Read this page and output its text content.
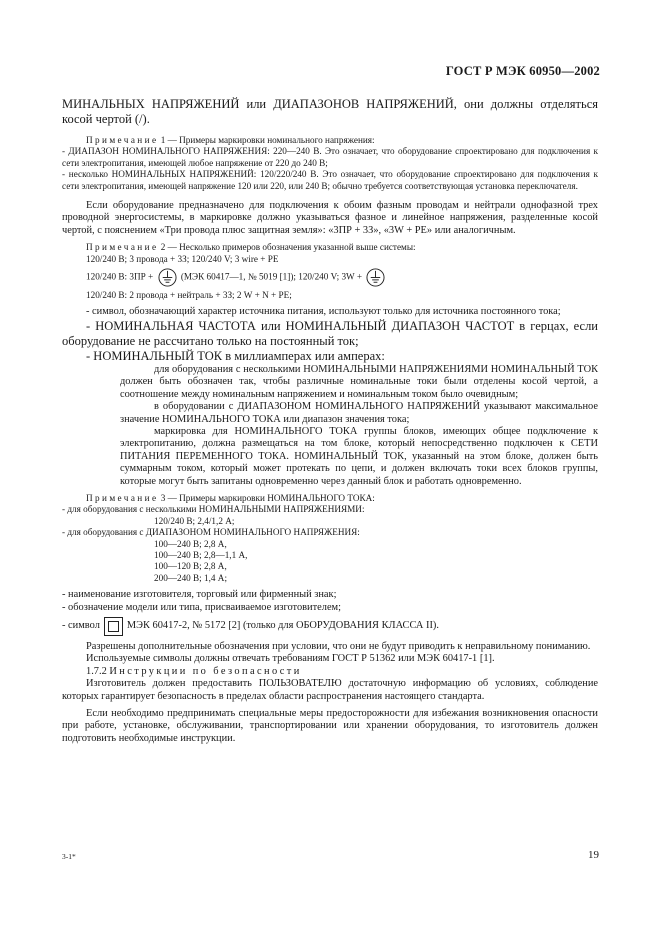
ГОСТ Р МЭК 60950—2002

МИНАЛЬНЫХ НАПРЯЖЕНИЙ или ДИАПАЗОНОВ НАПРЯЖЕНИЙ, они должны отделяться косой чертой (/).

Примечание 1 — Примеры маркировки номинального напряжения:

- ДИАПАЗОН НОМИНАЛЬНОГО НАПРЯЖЕНИЯ: 220—240 В. Это означает, что оборудование спроектировано для подключения к сети электропитания, имеющей любое напряжение от 220 до 240 В;

- несколько НОМИНАЛЬНЫХ НАПРЯЖЕНИЙ: 120/220/240 В. Это означает, что оборудование спроектировано для подключения к сети электропитания, имеющей напряжение 120 или 220, или 240 В; обычно требуется соответствующая установка переключателя.

Если оборудование предназначено для подключения к обоим фазным проводам и нейтрали однофазной трех проводной энергосистемы, в маркировке должно указываться фазное и линейное напряжения, разделенные косой чертой, с пояснением «Три провода плюс защитная земля»: «3ПР + 3З», «3W + PE» или аналогичным.

Примечание 2 — Несколько примеров обозначения указанной выше системы:

120/240 В; 3 провода + 3З; 120/240 V; 3 wire + PE

120/240 В: 3ПР +	(МЭК 60417—1, № 5019 [1]); 120/240 V; 3W +

120/240 В: 2 провода + нейтраль + 3З; 2 W + N + PE;

- символ, обозначающий характер источника питания, используют только для источника постоянного тока;

- НОМИНАЛЬНАЯ ЧАСТОТА или НОМИНАЛЬНЫЙ ДИАПАЗОН ЧАСТОТ в герцах, если оборудование не рассчитано только на постоянный ток;

- НОМИНАЛЬНЫЙ ТОК в миллиамперах или амперах:

для оборудования с несколькими НОМИНАЛЬНЫМИ НАПРЯЖЕНИЯМИ НОМИНАЛЬНЫЙ ТОК должен быть обозначен так, чтобы различные номинальные токи были отделены косой чертой, а соотношение между номинальным напряжением и номинальным током было очевидным;

в оборудовании с ДИАПАЗОНОМ НОМИНАЛЬНОГО НАПРЯЖЕНИЙ указывают максимальное значение НОМИНАЛЬНОГО ТОКА или диапазон значения тока;

маркировка для НОМИНАЛЬНОГО ТОКА группы блоков, имеющих общее подключение к электропитанию, должна размещаться на том блоке, который непосредственно подключен к СЕТИ ПИТАНИЯ ПЕРЕМЕННОГО ТОКА. НОМИНАЛЬНЫЙ ТОК, указанный на этом блоке, должен быть суммарным током, который может протекать по цепи, и должен включать токи всех блоков группы, которые могут быть запитаны одновременно через данный блок и работать одновременно.

Примечание 3 — Примеры маркировки НОМИНАЛЬНОГО ТОКА:

- для оборудования с несколькими НОМИНАЛЬНЫМИ НАПРЯЖЕНИЯМИ:

120/240 В; 2,4/1,2 А;

- для оборудования с ДИАПАЗОНОМ НОМИНАЛЬНОГО НАПРЯЖЕНИЯ:

100—240 В; 2,8 А,

100—240 В; 2,8—1,1 А,

100—120 В; 2,8 А,

200—240 В; 1,4 А;

- наименование изготовителя, торговый или фирменный знак;

- обозначение модели или типа, присваиваемое изготовителем;

- символ	МЭК 60417-2, № 5172 [2] (только для ОБОРУДОВАНИЯ КЛАССА II).

Разрешены дополнительные обозначения при условии, что они не будут приводить к неправильному пониманию.

Используемые символы должны отвечать требованиям ГОСТ Р 51362 или МЭК 60417-1 [1].

1.7.2 Инструкции по безопасности

Изготовитель должен предоставить ПОЛЬЗОВАТЕЛЮ достаточную информацию об условиях, соблюдение которых гарантирует безопасность в пределах области распространения настоящего стандарта.

Если необходимо предпринимать специальные меры предосторожности для избежания возникновения опасности при работе, установке, обслуживании, транспортировании или хранении оборудования, то изготовитель должен подготовить необходимые инструкции.

3-1*	19
